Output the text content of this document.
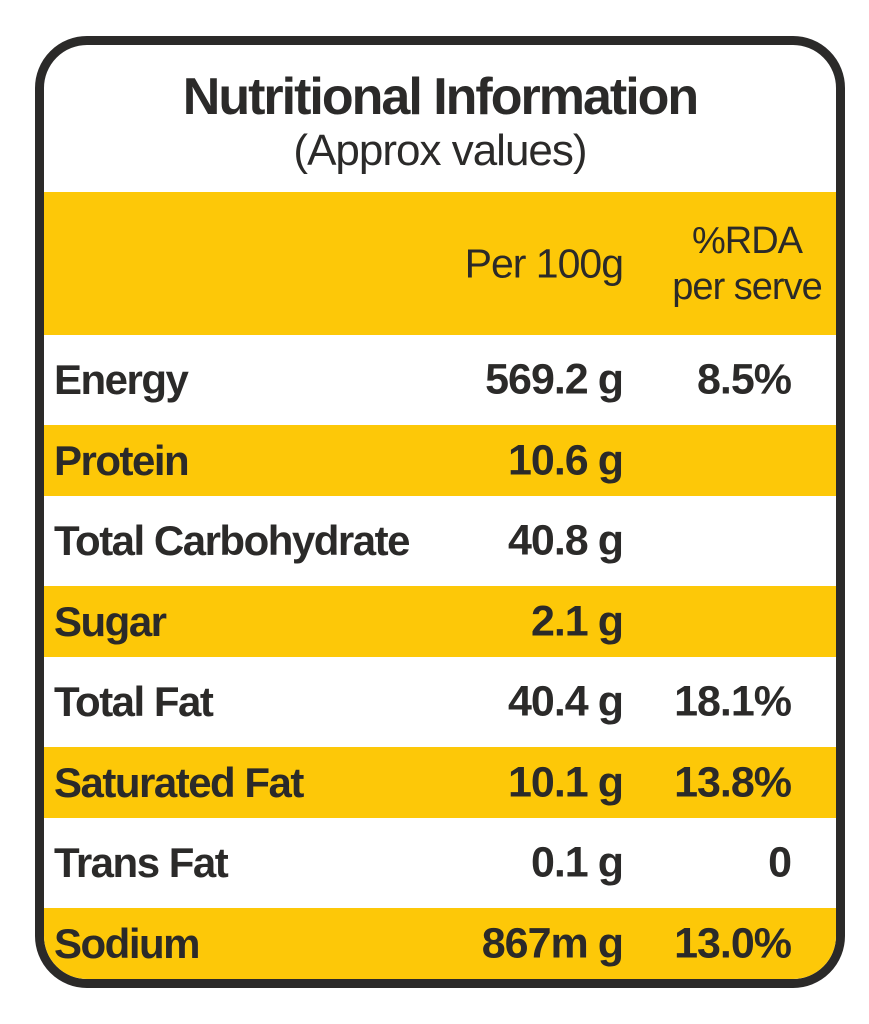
Nutritional Information
(Approx values)
Per 100g	%RDA
per serve
Energy	569.2 g 8.5%
Protein	10.6 g
Total Carbohydrate 40.8 g
Sugar	2.1 g
Total Fat	40.4 g 18.1%
Saturated Fat	10.1 g 13.8%
Trans Fat	0.1 g	0
Sodium	867m g 13.0%
